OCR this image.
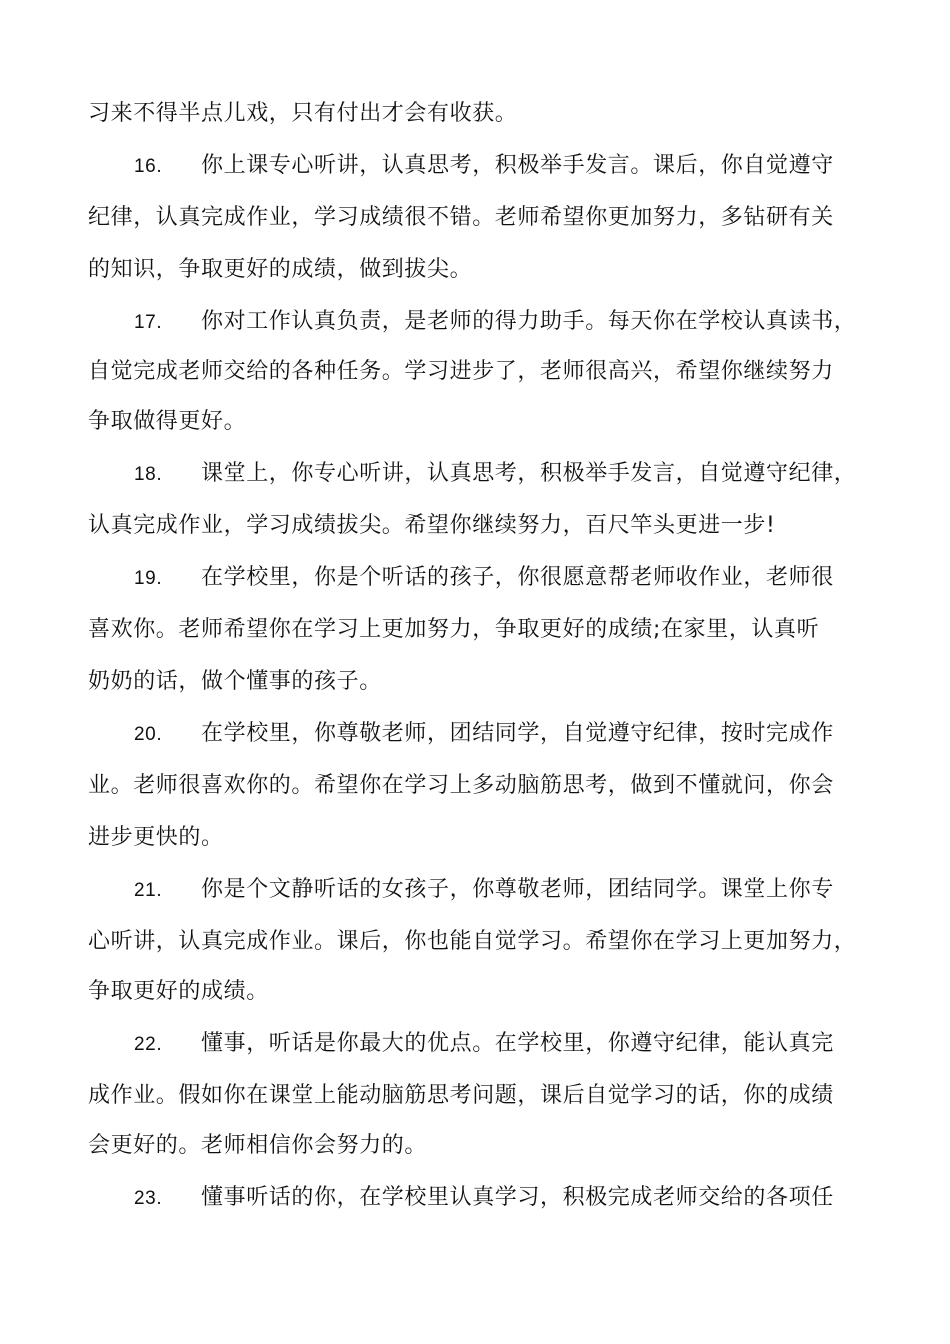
习来不得半点儿戏，只有付出才会有收获。
16. 你上课专心听讲，认真思考，积极举手发言。课后，你自觉遵守
纪律，认真完成作业，学习成绩很不错。老师希望你更加努力，多钻研有关
的知识，争取更好的成绩，做到拔尖。
17. 你对工作认真负责，是老师的得力助手。每天你在学校认真读书，
自觉完成老师交给的各种任务。学习进步了，老师很高兴，希望你继续努力
争取做得更好。
18. 课堂上，你专心听讲，认真思考，积极举手发言，自觉遵守纪律，
认真完成作业，学习成绩拔尖。希望你继续努力，百尺竿头更进一步!
19. 在学校里，你是个听话的孩子，你很愿意帮老师收作业，老师很
喜欢你。老师希望你在学习上更加努力，争取更好的成绩;在家里，认真听
奶奶的话，做个懂事的孩子。
20. 在学校里，你尊敬老师，团结同学，自觉遵守纪律，按时完成作
业。老师很喜欢你的。希望你在学习上多动脑筋思考，做到不懂就问，你会
进步更快的。
21. 你是个文静听话的女孩子，你尊敬老师，团结同学。课堂上你专
心听讲，认真完成作业。课后，你也能自觉学习。希望你在学习上更加努力，
争取更好的成绩。
22. 懂事，听话是你最大的优点。在学校里，你遵守纪律，能认真完
成作业。假如你在课堂上能动脑筋思考问题，课后自觉学习的话，你的成绩
会更好的。老师相信你会努力的。
23. 懂事听话的你，在学校里认真学习，积极完成老师交给的各项任
